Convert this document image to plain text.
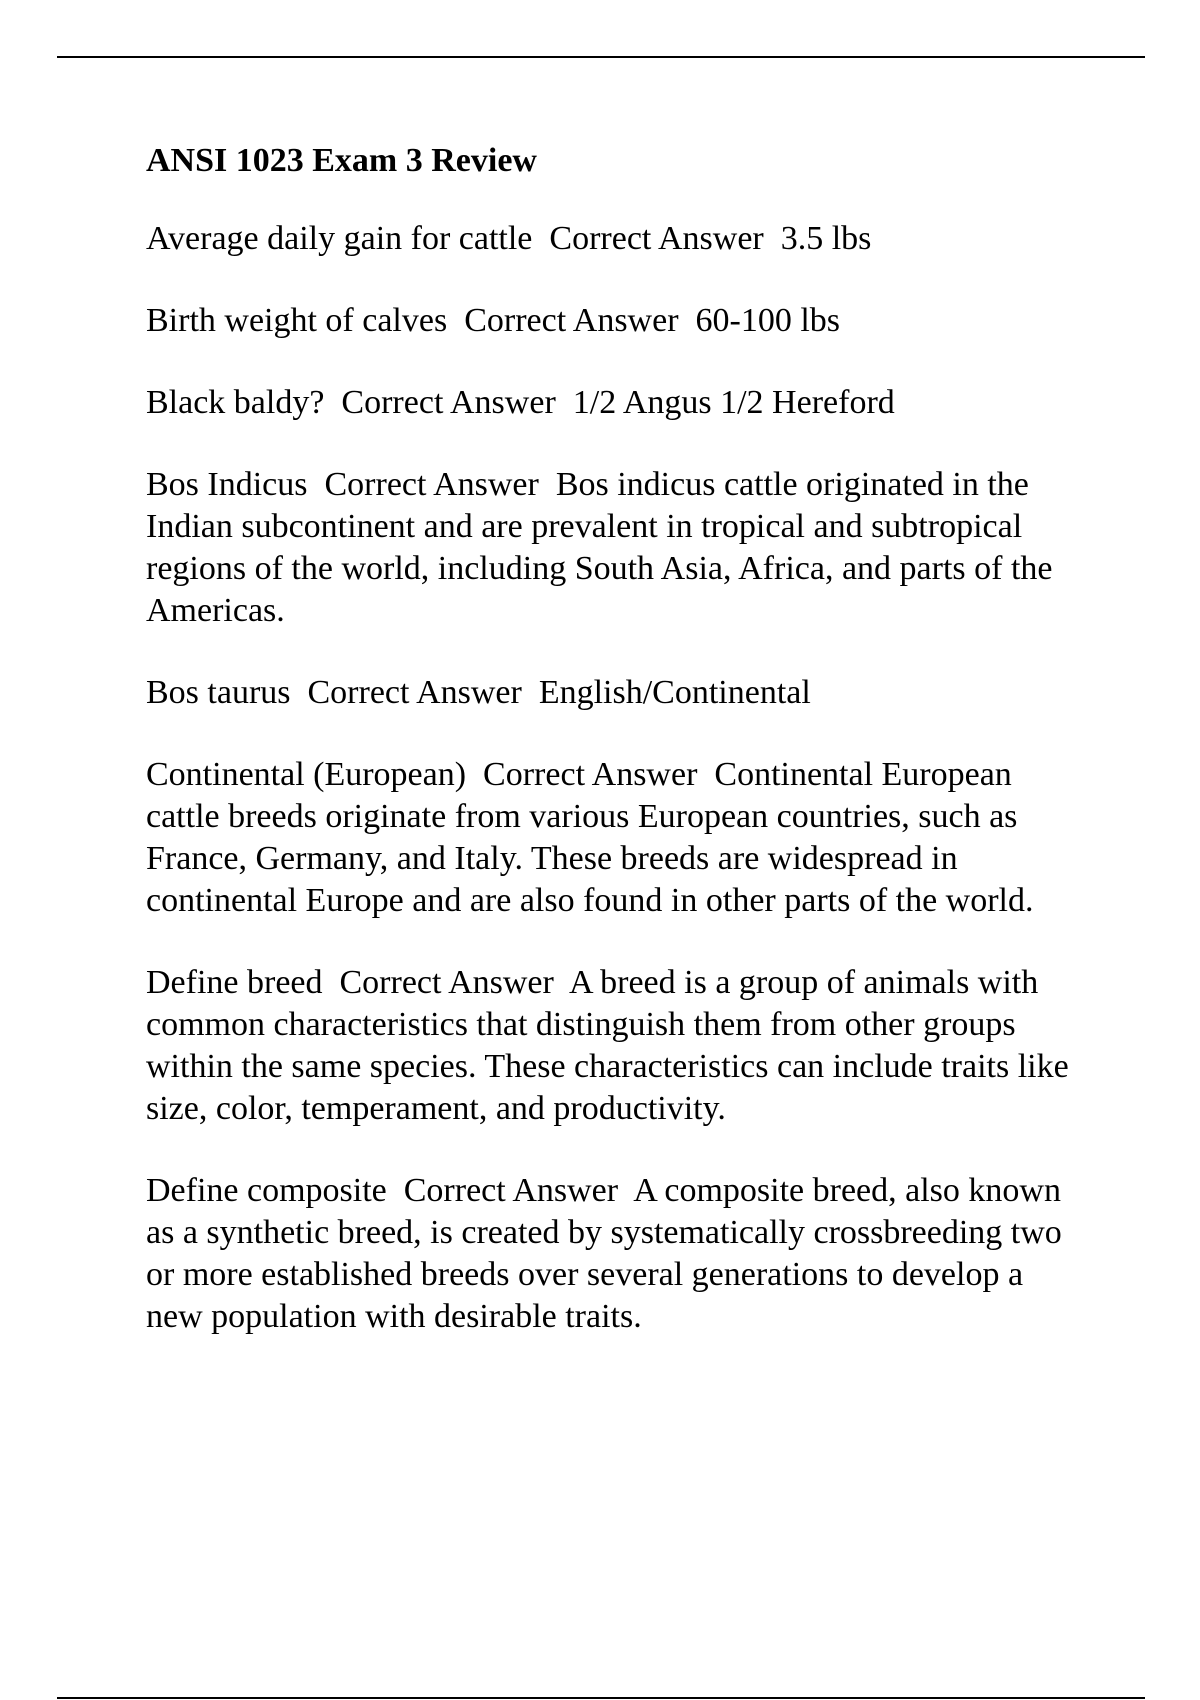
ANSI 1023 Exam 3 Review

Average daily gain for cattle  Correct Answer  3.5 lbs

Birth weight of calves  Correct Answer  60-100 lbs

Black baldy?  Correct Answer  1/2 Angus 1/2 Hereford

Bos Indicus  Correct Answer  Bos indicus cattle originated in the Indian subcontinent and are prevalent in tropical and subtropical regions of the world, including South Asia, Africa, and parts of the Americas.

Bos taurus  Correct Answer  English/Continental

Continental (European)  Correct Answer  Continental European cattle breeds originate from various European countries, such as France, Germany, and Italy. These breeds are widespread in continental Europe and are also found in other parts of the world.

Define breed  Correct Answer  A breed is a group of animals with common characteristics that distinguish them from other groups within the same species. These characteristics can include traits like size, color, temperament, and productivity.

Define composite  Correct Answer  A composite breed, also known as a synthetic breed, is created by systematically crossbreeding two or more established breeds over several generations to develop a new population with desirable traits.
